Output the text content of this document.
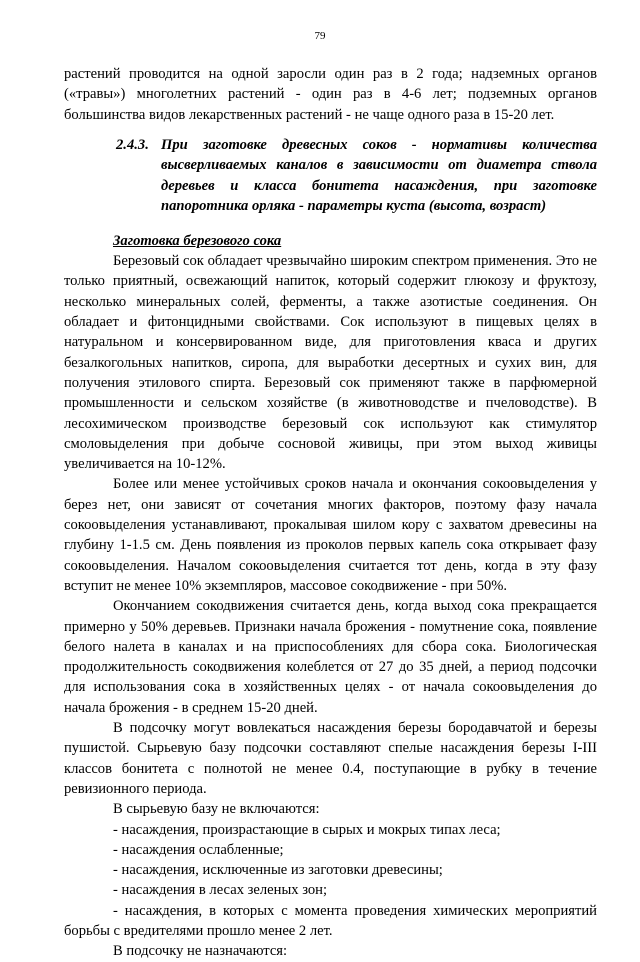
79

растений проводится на одной заросли один раз в 2 года; надземных органов («травы») многолетних растений - один раз в 4-6 лет; подземных органов большинства видов лекарственных растений - не чаще одного раза в 15-20 лет.

2.4.3. При заготовке древесных соков - нормативы количества высверливаемых каналов в зависимости от диаметра ствола деревьев и класса бонитета насаждения, при заготовке папоротника орляка - параметры куста (высота, возраст)

Заготовка березового сока

Березовый сок обладает чрезвычайно широким спектром применения. Это не только приятный, освежающий напиток, который содержит глюкозу и фруктозу, несколько минеральных солей, ферменты, а также азотистые соединения. Он обладает и фитонцидными свойствами. Сок используют в пищевых целях в натуральном и консервированном виде, для приготовления кваса и других безалкогольных напитков, сиропа, для выработки десертных и сухих вин, для получения этилового спирта. Березовый сок применяют также в парфюмерной промышленности и сельском хозяйстве (в животноводстве и пчеловодстве). В лесохимическом производстве березовый сок используют как стимулятор смоловыделения при добыче сосновой живицы, при этом выход живицы увеличивается на 10-12%.

Более или менее устойчивых сроков начала и окончания сокоовыделения у берез нет, они зависят от сочетания многих факторов, поэтому фазу начала сокоовыделения устанавливают, прокалывая шилом кору с захватом древесины на глубину 1-1.5 см. День появления из проколов первых капель сока открывает фазу сокоовыделения. Началом сокоовыделения считается тот день, когда в эту фазу вступит не менее 10% экземпляров, массовое сокодвижение - при 50%.

Окончанием сокодвижения считается день, когда выход сока прекращается примерно у 50% деревьев. Признаки начала брожения - помутнение сока, появление белого налета в каналах и на приспособлениях для сбора сока. Биологическая продолжительность сокодвижения колеблется от 27 до 35 дней, а период подсочки для использования сока в хозяйственных целях - от начала сокоовыделения до начала брожения - в среднем 15-20 дней.

В подсочку могут вовлекаться насаждения березы бородавчатой и березы пушистой. Сырьевую базу подсочки составляют спелые насаждения березы I-III классов бонитета с полнотой не менее 0.4, поступающие в рубку в течение ревизионного периода.

В сырьевую базу не включаются:

- насаждения, произрастающие в сырых и мокрых типах леса;

- насаждения ослабленные;

- насаждения, исключенные из заготовки древесины;

- насаждения в лесах зеленых зон;

- насаждения, в которых с момента проведения химических мероприятий борьбы с вредителями прошло менее 2 лет.

В подсочку не назначаются:
